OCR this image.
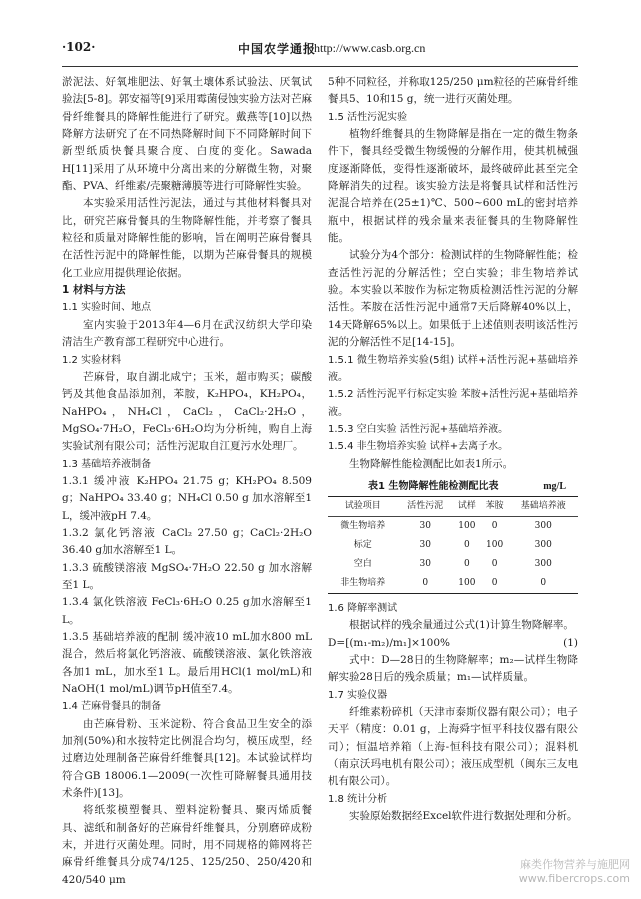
·102·	中国农学通报
http://www.casb.org.cn

淤泥法、好氧堆肥法、好氧土壤体系试验法、厌氧试验法[5-8]。郭安福等[9]采用霉菌侵蚀实验方法对芒麻骨纤维餐具的降解性能进行了研究。戴燕等[10]以热降解方法研究了在不同热降解时间下不同降解时间下新型纸质快餐具聚合度、白度的变化。Sawada H[11]采用了从环境中分离出来的分解微生物，对聚酯、PVA、纤维素/壳聚糖薄膜等进行可降解性实验。

本实验采用活性污泥法，通过与其他材料餐具对比，研究芒麻骨餐具的生物降解性能，并考察了餐具粒径和质量对降解性能的影响，旨在阐明芒麻骨餐具在活性污泥中的降解性能，以期为芒麻骨餐具的规模化工业应用提供理论依据。

1 材料与方法

1.1 实验时间、地点

室内实验于2013年4—6月在武汉纺织大学印染清洁生产教育部工程研究中心进行。

1.2 实验材料

芒麻骨，取自湖北咸宁；玉米，超市购买；碳酸钙及其他食品添加剂，苯胺，K₂HPO₄，KH₂PO₄，NaHPO₄，NH₄Cl，CaCl₂，CaCl₂·2H₂O，MgSO₄·7H₂O，FeCl₃·6H₂O均为分析纯，购自上海实验试剂有限公司；活性污泥取自江夏污水处理厂。

1.3 基础培养液制备

1.3.1 缓冲液 K₂HPO₄ 21.75 g；KH₂PO₄ 8.509 g；NaHPO₄ 33.40 g；NH₄Cl 0.50 g 加水溶解至1 L，缓冲液pH 7.4。

1.3.2 氯化钙溶液 CaCl₂ 27.50 g；CaCl₂·2H₂O 36.40 g加水溶解至1 L。

1.3.3 硫酸镁溶液 MgSO₄·7H₂O 22.50 g 加水溶解至1 L。

1.3.4 氯化铁溶液 FeCl₃·6H₂O 0.25 g加水溶解至1 L。

1.3.5 基础培养液的配制 缓冲液10 mL加水800 mL混合，然后将氯化钙溶液、硫酸镁溶液、氯化铁溶液各加1 mL，加水至1 L。最后用HCl(1 mol/mL)和NaOH(1 mol/mL)调节pH值至7.4。

1.4 芒麻骨餐具的制备

由芒麻骨粉、玉米淀粉、符合食品卫生安全的添加剂(50%)和水按特定比例混合均匀，模压成型，经过磨边处理制备芒麻骨纤维餐具[12]。本试验试样均符合GB 18006.1—2009(一次性可降解餐具通用技术条件)[13]。

将纸浆模塑餐具、塑料淀粉餐具、聚丙烯质餐具、滤纸和制备好的芒麻骨纤维餐具，分别磨碎成粉末，并进行灭菌处理。同时，用不同规格的筛网将芒麻骨纤维餐具分成74/125、125/250、250/420和420/540 μm

5种不同粒径，并称取125/250 μm粒径的芒麻骨纤维餐具5、10和15 g，统一进行灭菌处理。

1.5 活性污泥实验

植物纤维餐具的生物降解是指在一定的微生物条件下，餐具经受微生物缓慢的分解作用，使其机械强度逐渐降低，变得性逐渐破坏，最终破碎此甚至完全降解消失的过程。该实验方法是将餐具试样和活性污泥混合培养在(25±1)℃、500~600 mL的密封培养瓶中，根据试样的残余量来表征餐具的生物降解性能。

试验分为4个部分：检测试样的生物降解性能；检查活性污泥的分解活性；空白实验；非生物培养试验。本实验以苯胺作为标定物质检测活性污泥的分解活性。苯胺在活性污泥中通常7天后降解40%以上，14天降解65%以上。如果低于上述值则表明该活性污泥的分解活性不足[14-15]。

1.5.1 微生物培养实验(5组) 试样+活性污泥+基础培养液。

1.5.2 活性污泥平行标定实验 苯胺+活性污泥+基础培养液。

1.5.3 空白实验 活性污泥+基础培养液。

1.5.4 非生物培养实验 试样+去离子水。

生物降解性能检测配比如表1所示。

表1 生物降解性能检测配比表	mg/L
试验项目	活性污泥	试样	苯胺	基础培养液
微生物培养	30	100	0	300
标定	30	0	100	300
空白	30	0	0	300
非生物培养	0	100	0	0

1.6 降解率测试

根据试样的残余量通过公式(1)计算生物降解率。

D=[(m₁-m₂)/m₁]×100%	(1)

式中：D—28日的生物降解率；m₂—试样生物降解实验28日后的残余质量；m₁—试样质量。

1.7 实验仪器

纤维素粉碎机（天津市泰斯仪器有限公司）；电子天平（精度：0.01 g，上海舜宇恒平科技仪器有限公司）；恒温培养箱（上海-恒科技有限公司）；混料机（南京沃玛电机有限公司）；液压成型机（闽东三友电机有限公司）。

1.8 统计分析

实验原始数据经Excel软件进行数据处理和分析。

麻类作物营养与施肥网
www.fibercrops.com
